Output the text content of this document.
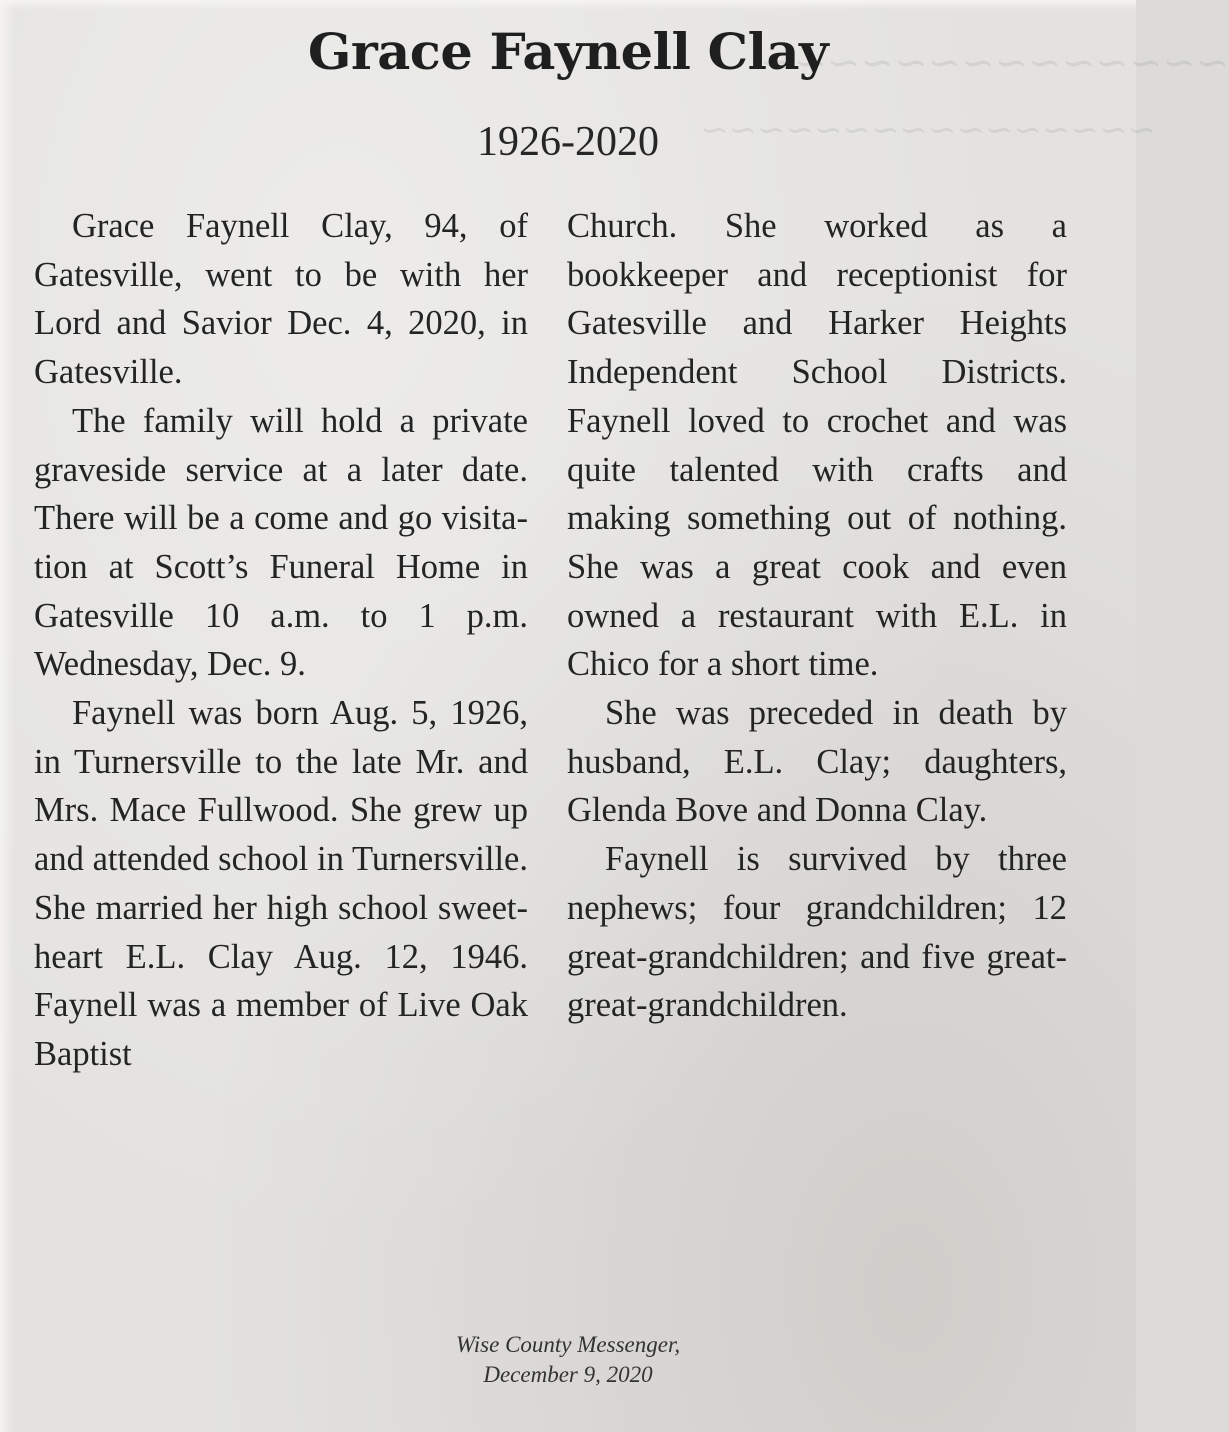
~~~~~~~~~~~~~~
~~~~~~~~~~~~~~~~
Grace Faynell Clay
1926-2020

Grace Faynell Clay, 94, of Gatesville, went to be with her Lord and Savior Dec. 4, 2020, in Gatesville.

The family will hold a private graveside service at a later date. There will be a come and go visitation at Scott’s Funeral Home in Gatesville 10 a.m. to 1 p.m. Wednesday, Dec. 9.

Faynell was born Aug. 5, 1926, in Turnersville to the late Mr. and Mrs. Mace Fullwood. She grew up and attended school in Turnersville. She married her high school sweetheart E.L. Clay Aug. 12, 1946. Faynell was a member of Live Oak Baptist

Church. She worked as a bookkeeper and receptionist for Gatesville and Harker Heights Independent School Districts. Faynell loved to crochet and was quite talented with crafts and making something out of nothing. She was a great cook and even owned a restaurant with E.L. in Chico for a short time.

She was preceded in death by husband, E.L. Clay; daughters, Glenda Bove and Donna Clay.

Faynell is survived by three nephews; four grandchildren; 12 great-grandchildren; and five great-great-grandchildren.

Wise County Messenger,
December 9, 2020
